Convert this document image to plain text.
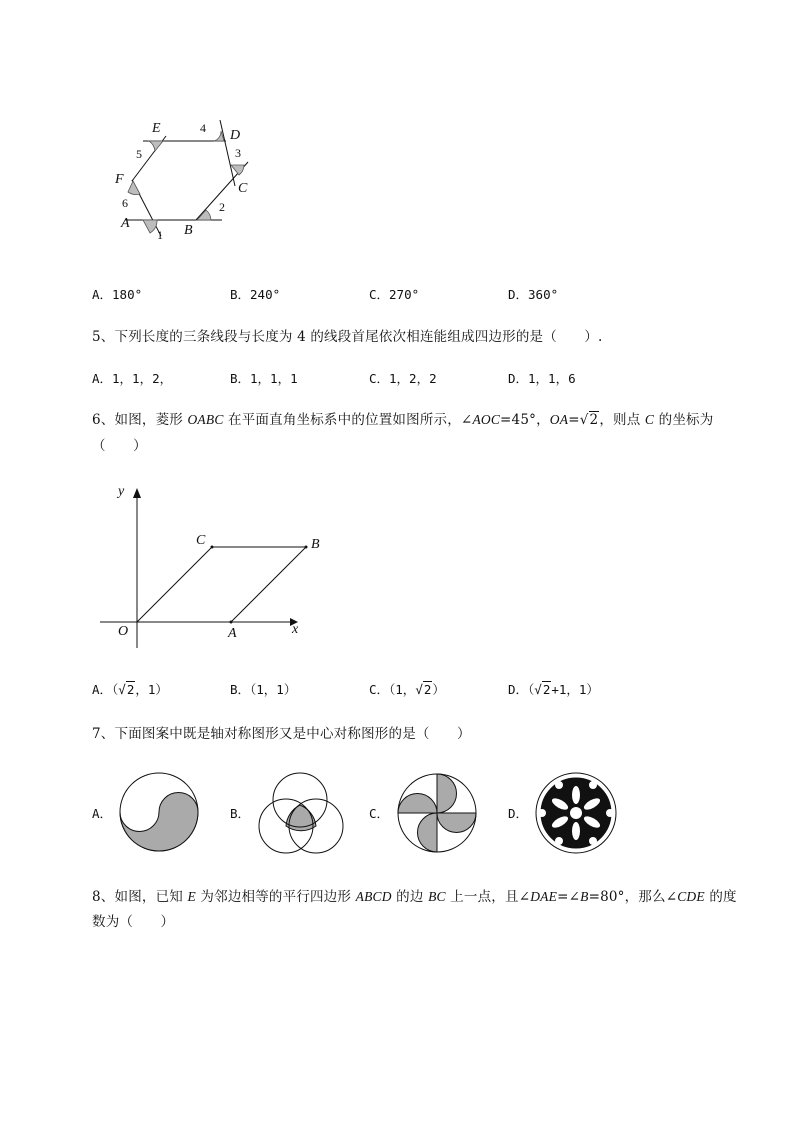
E	D
F
C
A	B
1
2
3
4
5
6
A．180°	B．240°	C．270°	D．360°
5、下列长度的三条线段与长度为 4 的线段首尾依次相连能组成四边形的是（　　）.
A．1，1，2，	B．1，1，1	C．1，2，2	D．1，1，6
6、如图，菱形 OABC 在平面直角坐标系中的位置如图所示，∠AOC=45°，OA=√2，则点 C 的坐标为
（　　）
y
x
O	A
C	B
A．（√2，1）	B．（1，1）	C．（1，√2）	D．（√2+1，1）
7、下面图案中既是轴对称图形又是中心对称图形的是（　　）
A．	B．	C．	D．
8、如图，已知 E 为邻边相等的平行四边形 ABCD 的边 BC 上一点，且∠DAE=∠B=80°，那么∠CDE 的度
数为（　　）
